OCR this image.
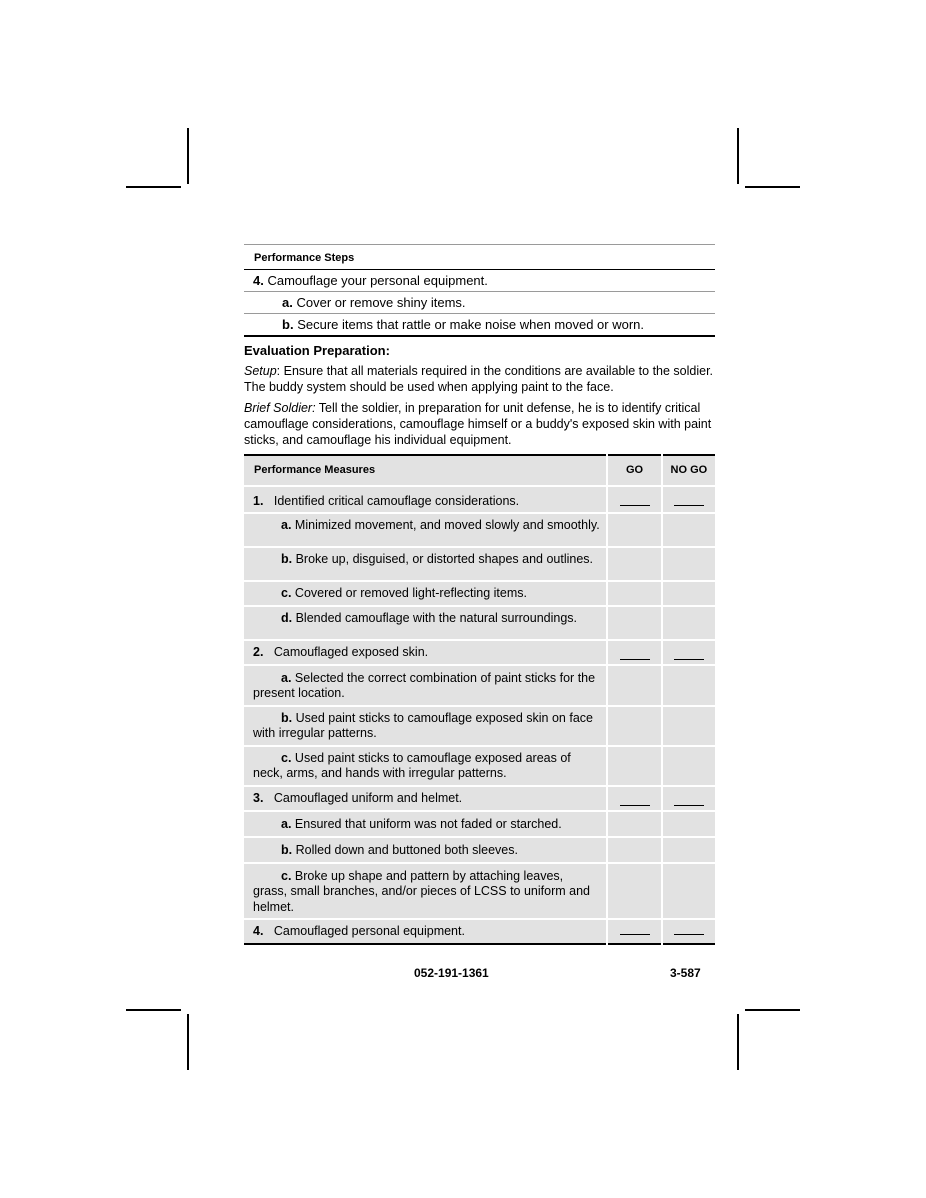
Performance Steps
4. Camouflage your personal equipment.
a. Cover or remove shiny items.
b. Secure items that rattle or make noise when moved or worn.
Evaluation Preparation:
Setup: Ensure that all materials required in the conditions are available to the soldier. The buddy system should be used when applying paint to the face.
Brief Soldier: Tell the soldier, in preparation for unit defense, he is to identify critical camouflage considerations, camouflage himself or a buddy's exposed skin with paint sticks, and camouflage his individual equipment.
Performance Measures	GO	NO GO

1. Identified critical camouflage considerations.		

a. Minimized movement, and moved slowly and smoothly.		

b. Broke up, disguised, or distorted shapes and outlines.		

c. Covered or removed light-reflecting items.		

d. Blended camouflage with the natural surroundings.		

2. Camouflaged exposed skin.		

a. Selected the correct combination of paint sticks for the present location.		

b. Used paint sticks to camouflage exposed skin on face with irregular patterns.		

c. Used paint sticks to camouflage exposed areas of neck, arms, and hands with irregular patterns.		

3. Camouflaged uniform and helmet.		

a. Ensured that uniform was not faded or starched.		

b. Rolled down and buttoned both sleeves.		

c. Broke up shape and pattern by attaching leaves, grass, small branches, and/or pieces of LCSS to uniform and helmet.		

4. Camouflaged personal equipment.		

052-191-1361	3-587
